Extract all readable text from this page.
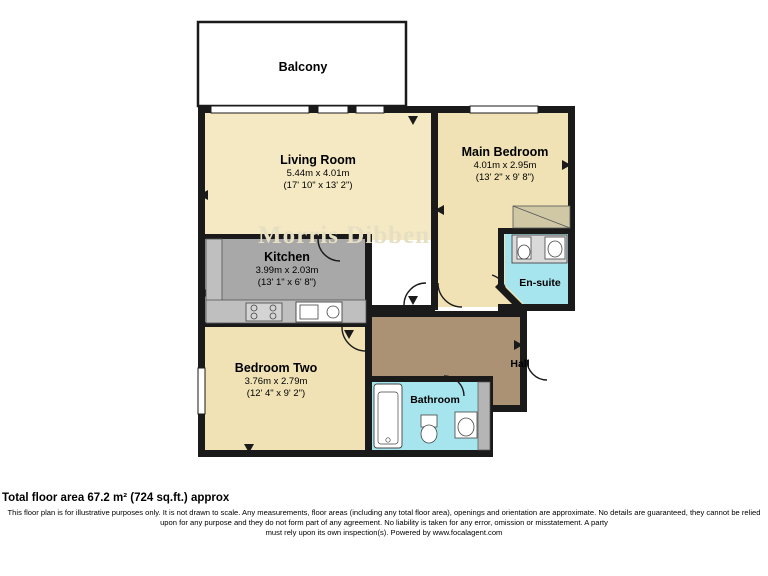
Balcony
Living Room
5.44m x 4.01m
(17' 10" x 13' 2")
Main Bedroom
4.01m x 2.95m
(13' 2" x 9' 8")
Kitchen
3.99m x 2.03m
(13' 1" x 6' 8")
Bedroom Two
3.76m x 2.79m
(12' 4" x 9' 2")
En-suite
Hall
Bathroom
Morris Dibben
Total floor area 67.2 m² (724 sq.ft.) approx
This floor plan is for illustrative purposes only. It is not drawn to scale. Any measurements, floor areas (including any total floor area), openings and orientation are approximate. No details are guaranteed, they cannot be relied upon for any purpose and they do not form part of any agreement. No liability is taken for any error, omission or misstatement. A party
must rely upon its own inspection(s). Powered by www.focalagent.com
